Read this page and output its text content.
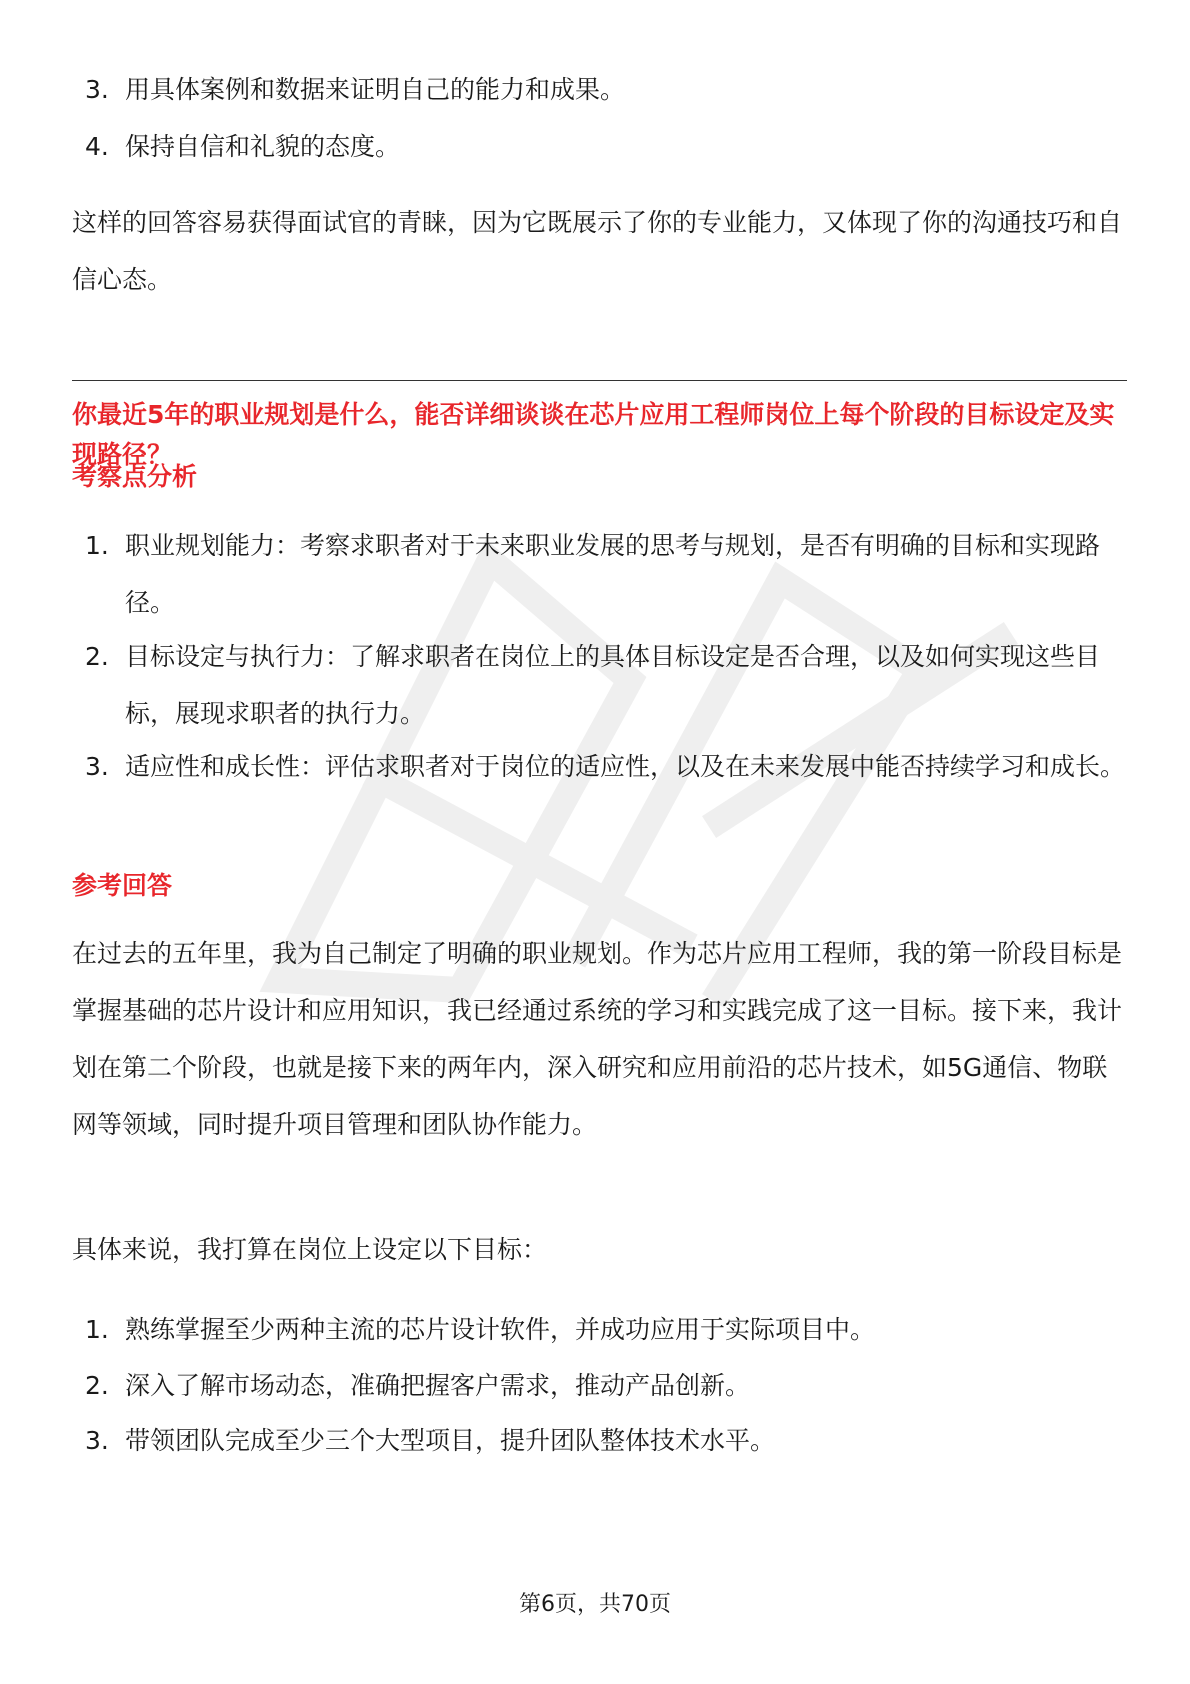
3. 用具体案例和数据来证明自己的能力和成果。
4. 保持自信和礼貌的态度。
这样的回答容易获得面试官的青睐，因为它既展示了你的专业能力，又体现了你的沟通技巧和自信心态。
你最近5年的职业规划是什么，能否详细谈谈在芯片应用工程师岗位上每个阶段的目标设定及实现路径？
考察点分析
1. 职业规划能力：考察求职者对于未来职业发展的思考与规划，是否有明确的目标和实现路径。
2. 目标设定与执行力：了解求职者在岗位上的具体目标设定是否合理，以及如何实现这些目标，展现求职者的执行力。
3. 适应性和成长性：评估求职者对于岗位的适应性，以及在未来发展中能否持续学习和成长。
参考回答
在过去的五年里，我为自己制定了明确的职业规划。作为芯片应用工程师，我的第一阶段目标是掌握基础的芯片设计和应用知识，我已经通过系统的学习和实践完成了这一目标。接下来，我计划在第二个阶段，也就是接下来的两年内，深入研究和应用前沿的芯片技术，如5G通信、物联网等领域，同时提升项目管理和团队协作能力。
具体来说，我打算在岗位上设定以下目标：
1. 熟练掌握至少两种主流的芯片设计软件，并成功应用于实际项目中。
2. 深入了解市场动态，准确把握客户需求，推动产品创新。
3. 带领团队完成至少三个大型项目，提升团队整体技术水平。
第6页，共70页
